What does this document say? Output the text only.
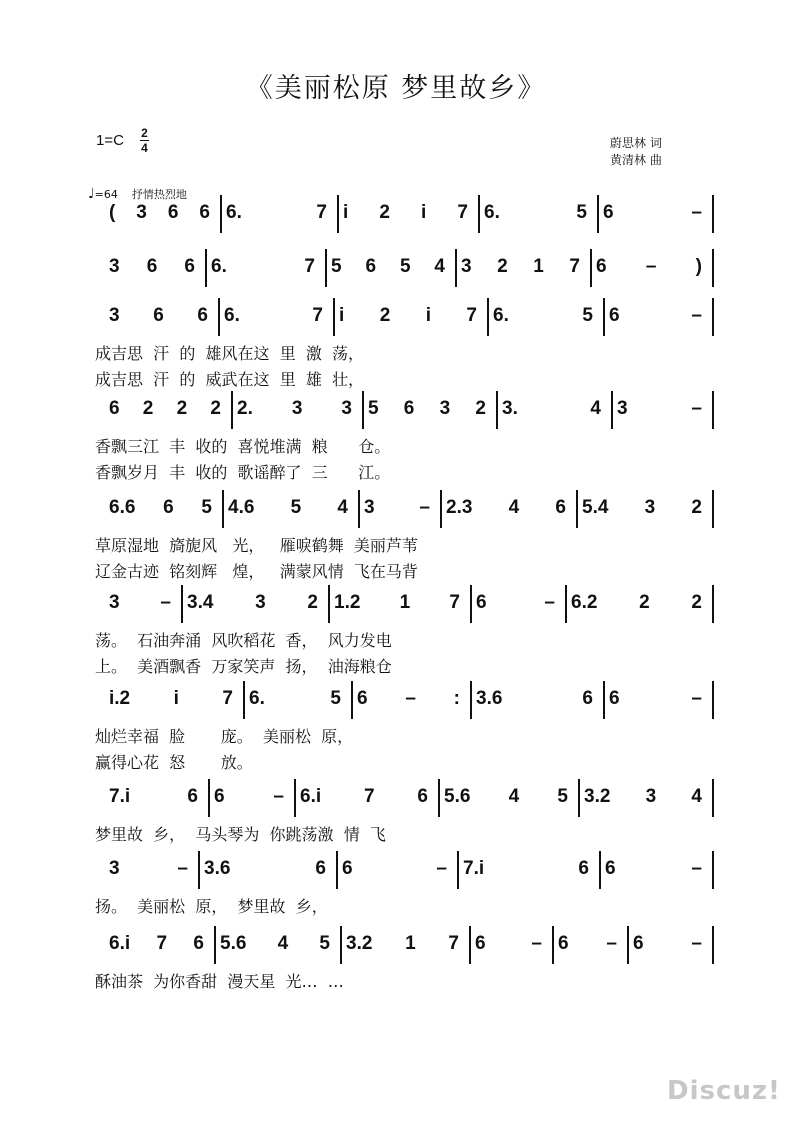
《美丽松原 梦里故乡》
1=C 2
4	蔚思林 词
黄清林 曲
♩=64 抒情热烈地
( 3 6 6 6.	7 i 2 i 7 6.	5 6	–
3 6 6 6.	7 5 6 5 4 3 2 1 7 6 – )
3 6 6 6.	7 i 2 i 7 6.	5 6	–
成吉思  汗  的  雄风在这  里  激  荡，
成吉思  汗  的  威武在这  里  雄  壮，
6 2 2 2 2. 3 3 5 6 3 2 3.	4 3	–
香飘三江  丰  收的  喜悦堆满  粮      仓。
香飘岁月  丰  收的  歌谣醉了  三      江。
6.6 6 5 4.6 5 4 3 – 2.3 4 6 5.4 3 2
草原湿地  旖旎风   光，   雁唳鹤舞  美丽芦苇
辽金古迹  铭刻辉   煌，   满蒙风情  飞在马背
3 – 3.4 3 2 1.2 1 7 6	– 6.2 2 2
荡。  石油奔涌  风吹稻花  香，  风力发电
上。  美酒飘香  万家笑声  扬，  油海粮仓
i.2 i 7 6.	5 6 – : 3.6	6 6	–
灿烂幸福  脸       庞。  美丽松  原，
赢得心花  怒       放。
7.i	6 6	– 6.i 7 6 5.6 4 5 3.2 3 4
梦里故  乡，  马头琴为  你跳荡激  情  飞
3	– 3.6	6 6	– 7.i	6 6	–
扬。  美丽松  原，  梦里故  乡，
6.i 7 6 5.6 4 5 3.2 1 7 6 – 6 – 6	–
酥油茶  为你香甜  漫天星  光…  …
Discuz!
